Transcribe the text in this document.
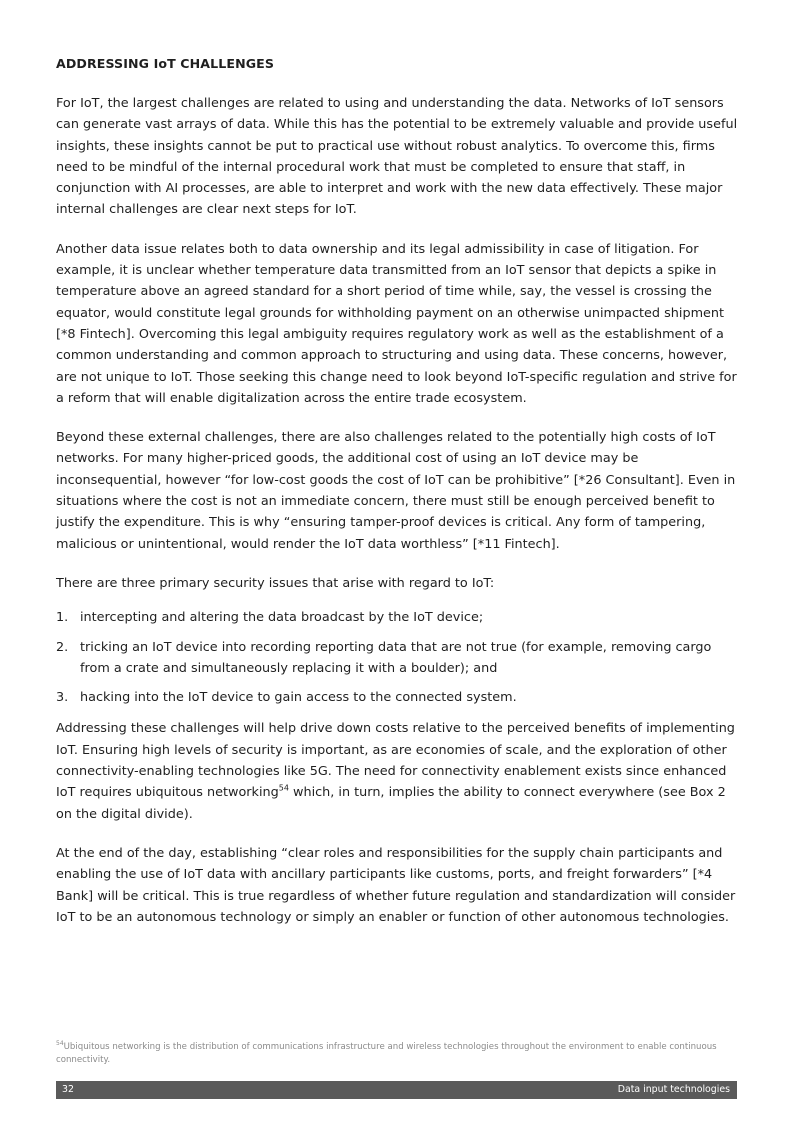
ADDRESSING IoT CHALLENGES

For IoT, the largest challenges are related to using and understanding the data. Networks of IoT sensors can generate vast arrays of data. While this has the potential to be extremely valuable and provide useful insights, these insights cannot be put to practical use without robust analytics. To overcome this, firms need to be mindful of the internal procedural work that must be completed to ensure that staff, in conjunction with AI processes, are able to interpret and work with the new data effectively. These major internal challenges are clear next steps for IoT.

Another data issue relates both to data ownership and its legal admissibility in case of litigation. For example, it is unclear whether temperature data transmitted from an IoT sensor that depicts a spike in temperature above an agreed standard for a short period of time while, say, the vessel is crossing the equator, would constitute legal grounds for withholding payment on an otherwise unimpacted shipment [*8 Fintech]. Overcoming this legal ambiguity requires regulatory work as well as the establishment of a common understanding and common approach to structuring and using data. These concerns, however, are not unique to IoT. Those seeking this change need to look beyond IoT-specific regulation and strive for a reform that will enable digitalization across the entire trade ecosystem.

Beyond these external challenges, there are also challenges related to the potentially high costs of IoT networks. For many higher-priced goods, the additional cost of using an IoT device may be inconsequential, however “for low-cost goods the cost of IoT can be prohibitive” [*26 Consultant]. Even in situations where the cost is not an immediate concern, there must still be enough perceived benefit to justify the expenditure. This is why “ensuring tamper-proof devices is critical. Any form of tampering, malicious or unintentional, would render the IoT data worthless” [*11 Fintech].

There are three primary security issues that arise with regard to IoT:

1. intercepting and altering the data broadcast by the IoT device;
2. tricking an IoT device into recording reporting data that are not true (for example, removing cargo from a crate and simultaneously replacing it with a boulder); and
3. hacking into the IoT device to gain access to the connected system.

Addressing these challenges will help drive down costs relative to the perceived benefits of implementing IoT. Ensuring high levels of security is important, as are economies of scale, and the exploration of other connectivity-enabling technologies like 5G. The need for connectivity enablement exists since enhanced IoT requires ubiquitous networking$^{54}$ which, in turn, implies the ability to connect everywhere (see Box 2 on the digital divide).

At the end of the day, establishing “clear roles and responsibilities for the supply chain participants and enabling the use of IoT data with ancillary participants like customs, ports, and freight forwarders” [*4 Bank] will be critical. This is true regardless of whether future regulation and standardization will consider IoT to be an autonomous technology or simply an enabler or function of other autonomous technologies.

$^{54}$Ubiquitous networking is the distribution of communications infrastructure and wireless technologies throughout the environment to enable continuous connectivity.
32	Data input technologies
